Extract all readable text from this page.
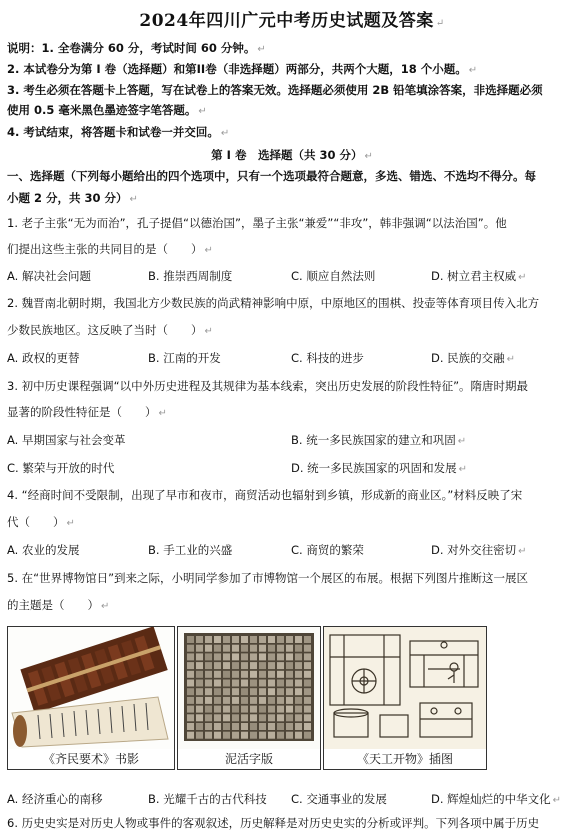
2024年四川广元中考历史试题及答案 ↵
说明：1. 全卷满分 60 分，考试时间 60 分钟。 ↵
2. 本试卷分为第 I 卷（选择题）和第II卷（非选择题）两部分，共两个大题，18 个小题。 ↵
3. 考生必须在答题卡上答题，写在试卷上的答案无效。选择题必须使用 2B 铅笔填涂答案，非选择题必须
使用 0.5 毫米黑色墨迹签字笔答题。 ↵
4. 考试结束，将答题卡和试卷一并交回。 ↵
第 I 卷　选择题（共 30 分） ↵
一、选择题（下列每小题给出的四个选项中，只有一个选项最符合题意，多选、错选、不选均不得分。每
小题 2 分，共 30 分） ↵
1. 老子主张“无为而治”，孔子提倡“以德治国”，墨子主张“兼爱”“非攻”，韩非强调“以法治国”。他
们提出这些主张的共同目的是（　　） ↵
A. 解决社会问题	B. 推崇西周制度	C. 顺应自然法则	D. 树立君主权威 ↵
2. 魏晋南北朝时期，我国北方少数民族的尚武精神影响中原，中原地区的围棋、投壶等体育项目传入北方
少数民族地区。这反映了当时（　　） ↵
A. 政权的更替	B. 江南的开发	C. 科技的进步	D. 民族的交融 ↵
3. 初中历史课程强调“以中外历史进程及其规律为基本线索，突出历史发展的阶段性特征”。隋唐时期最
显著的阶段性特征是（　　） ↵
A. 早期国家与社会变革	B. 统一多民族国家的建立和巩固 ↵
C. 繁荣与开放的时代	D. 统一多民族国家的巩固和发展 ↵
4. “经商时间不受限制，出现了早市和夜市，商贸活动也辐射到乡镇，形成新的商业区。”材料反映了宋
代（　　） ↵
A. 农业的发展	B. 手工业的兴盛	C. 商贸的繁荣	D. 对外交往密切 ↵
5. 在“世界博物馆日”到来之际，小明同学参加了市博物馆一个展区的布展。根据下列图片推断这一展区
的主题是（　　） ↵
《齐民要术》书影	泥活字版	《天工开物》插图
A. 经济重心的南移	B. 光耀千古的古代科技 C. 交通事业的发展	D. 辉煌灿烂的中华文化 ↵
6. 历史史实是对历史人物或事件的客观叙述，历史解释是对历史史实的分析或评判。下列各项中属于历史
